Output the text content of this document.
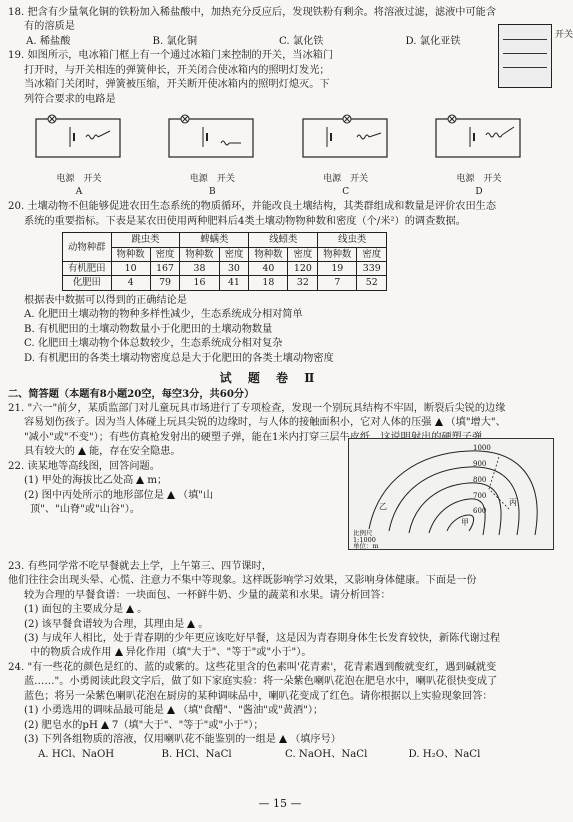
18. 把含有少量氧化铜的铁粉加入稀盐酸中，加热充分反应后，发现铁粉有剩余。将溶液过滤，滤液中可能含

有的溶质是

A. 稀盐酸	B. 氯化铜	C. 氯化铁	D. 氯化亚铁

19. 如图所示，电冰箱门框上有一个通过冰箱门来控制的开关，当冰箱门

打开时，与开关相连的弹簧伸长，开关闭合使冰箱内的照明灯发光；

当冰箱门关闭时，弹簧被压缩，开关断开使冰箱内的照明灯熄灭。下

列符合要求的电路是

电源　 开关
A
电源　 开关
B
电源　 开关
C
电源　 开关
D

20. 土壤动物不但能够促进农田生态系统的物质循环，并能改良土壤结构，其类群组成和数量是评价农田生态

系统的重要指标。下表是某农田使用两种肥料后4类土壤动物物种数和密度（个/米²）的调查数据。

动物种群	跳虫类		蜱螨类		线蚓类		线虫类	
	物种数	密度	物种数	密度	物种数	密度	物种数	密度
有机肥田	10	167	38	30	40	120	19	339
化肥田	4	79	16	41	18	32	7	52

根据表中数据可以得到的正确结论是

A. 化肥田土壤动物的物种多样性减少，生态系统成分相对简单

B. 有机肥田的土壤动物数量小于化肥田的土壤动物数量

C. 化肥田土壤动物个体总数较少，生态系统成分相对复杂

D. 有机肥田的各类土壤动物密度总是大于化肥田的各类土壤动物密度

试 题 卷 Ⅱ

二、简答题（本题有8小题20空，每空3分，共60分）

21. "六一"前夕，某质监部门对儿童玩具市场进行了专项检查，发现一个别玩具结构不牢固，断裂后尖锐的边缘

容易划伤孩子。因为当人体碰上玩具尖锐的边缘时，与人体的接触面积小，它对人体的压强 （填"增大"、

"减小"或"不变"）；有些仿真枪发射出的硬塑子弹，能在1米内打穿三层牛皮纸，这说明射出的硬塑子弹

具有较大的 能，存在安全隐患。

22. 读某地等高线图，回答问题。

(1) 甲处的海拔比乙处高 m；

(2) 图中丙处所示的地形部位是 （填"山

顶"、"山脊"或"山谷"）。

23. 有些同学常不吃早餐就去上学，上午第三、四节课时，

他们往往会出现头晕、心慌、注意力不集中等现象。这样既影响学习效果，又影响身体健康。下面是一份

较为合理的早餐食谱：一块面包、一杯鲜牛奶、少量的蔬菜和水果。请分析回答：

(1) 面包的主要成分是 。

(2) 该早餐食谱较为合理，其理由是 。

(3) 与成年人相比，处于青春期的少年更应该吃好早餐，这是因为青春期身体生长发育较快，新陈代谢过程

中的物质合成作用 异化作用（填"大于"、"等于"或"小于"）。

24. "有一些花的颜色是红的、蓝的或紫的。这些花里含的色素叫'花青素'，花青素遇到酸就变红，遇到碱就变

蓝……"。小勇阅读此段文字后，做了如下家庭实验：将一朵紫色喇叭花泡在肥皂水中，喇叭花很快变成了

蓝色；将另一朵紫色喇叭花泡在厨房的某种调味品中，喇叭花变成了红色。请你根据以上实验现象回答：

(1) 小勇选用的调味品最可能是 （填"食醋"、"酱油"或"黄酒"）；

(2) 肥皂水的pH 7（填"大于"、"等于"或"小于"）；

(3) 下列各组物质的溶液，仅用喇叭花不能鉴别的一组是 （填序号）

A. HCl、NaOH	B. HCl、NaCl	C. NaOH、NaCl	D. H₂O、NaCl
开关
1000
900
800
700
600
甲
乙	丙
比例尺
1:1000
单位：m
— 15 —
